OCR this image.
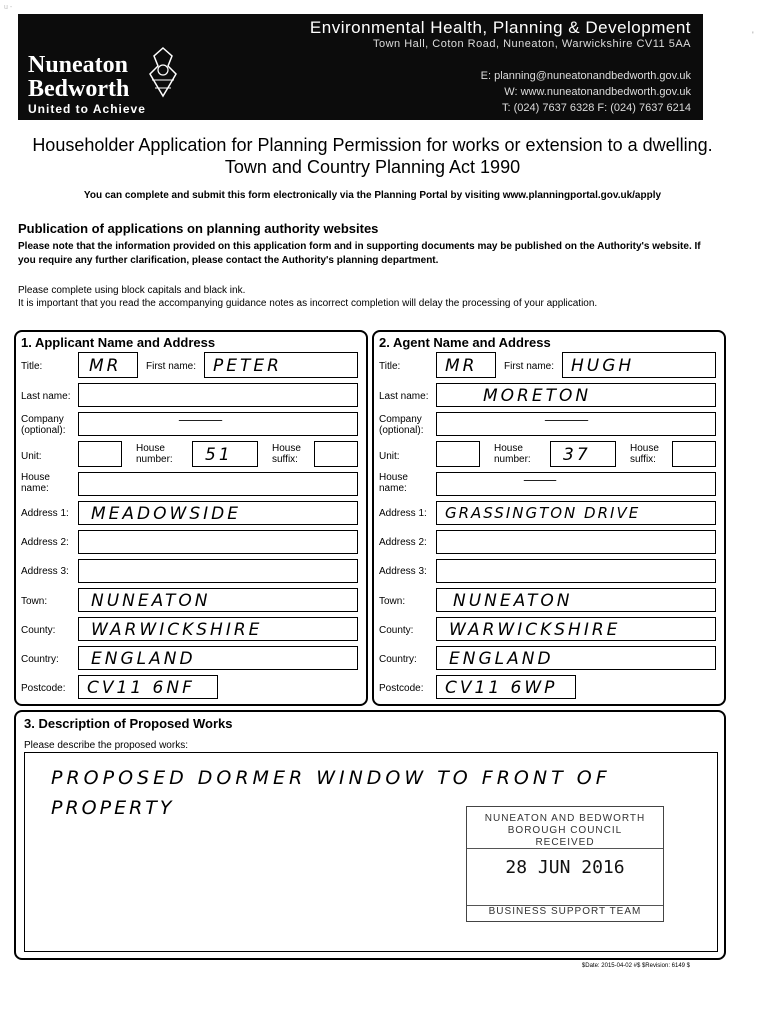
u -
'
Nuneaton
Bedworth
United to Achieve
Environmental Health, Planning & Development
Town Hall, Coton Road, Nuneaton, Warwickshire CV11 5AA
E: planning@nuneatonandbedworth.gov.uk
W: www.nuneatonandbedworth.gov.uk
T: (024) 7637 6328 F: (024) 7637 6214
Householder Application for Planning Permission for works or extension to a dwelling.
Town and Country Planning Act 1990
You can complete and submit this form electronically via the Planning Portal by visiting www.planningportal.gov.uk/apply
Publication of applications on planning authority websites
Please note that the information provided on this application form and in supporting documents may be published on the Authority's website. If you require any further clarification, please contact the Authority's planning department.
Please complete using block capitals and black ink.
It is important that you read the accompanying guidance notes as incorrect completion will delay the processing of your application.
1. Applicant Name and Address
Title:	MR First name: PETER
Last name:
Company (optional):
—
Unit:
House number:	51	House suffix:
House name:
Address 1: MEADOWSIDE
Address 2:
Address 3:
Town:	NUNEATON
County: WARWICKSHIRE
Country: ENGLAND
Postcode: CV11 6NF
2. Agent Name and Address
Title:	MR	First name: HUGH
Last name:	MORETON
Company (optional):
—
Unit:
House number:	37	House suffix:
House name:
—
Address 1: GRASSINGTON DRIVE
Address 2:
Address 3:
Town:	NUNEATON
County: WARWICKSHIRE
Country: ENGLAND
Postcode: CV11 6WP
3. Description of Proposed Works
Please describe the proposed works:
PROPOSED DORMER WINDOW TO FRONT OF
PROPERTY	NUNEATON AND BEDWORTH
BOROUGH COUNCIL
RECEIVED
28 JUN 2016
BUSINESS SUPPORT TEAM
$Date: 2015-04-02 #$ $Revision: 6149 $
